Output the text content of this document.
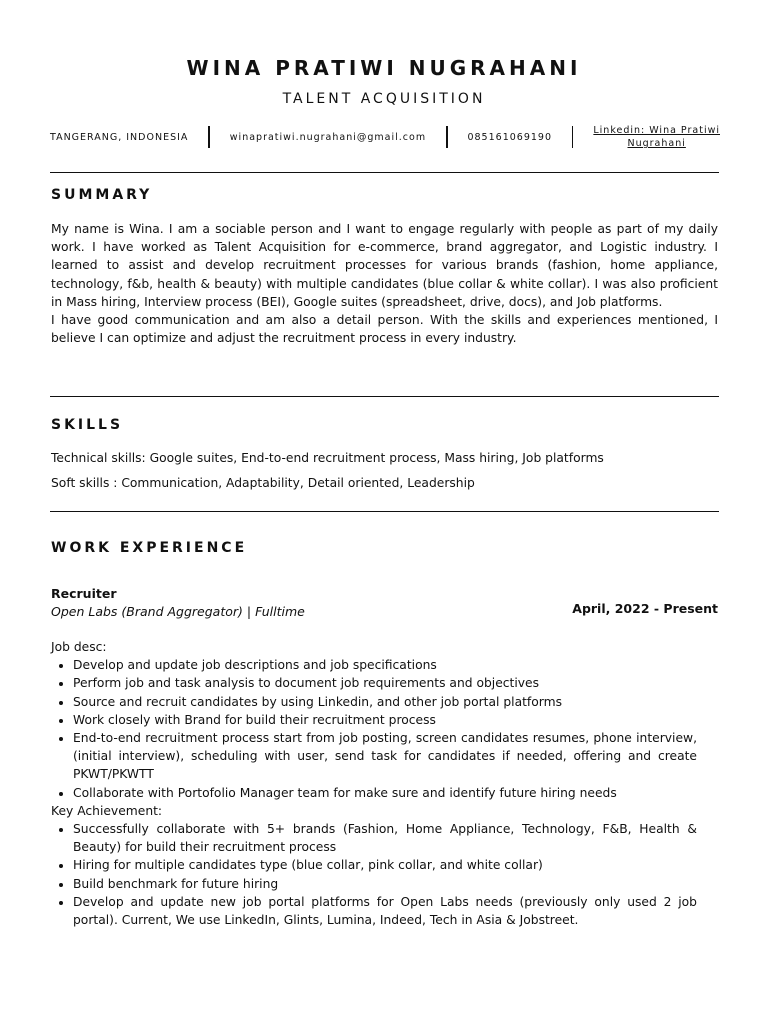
WINA PRATIWI NUGRAHANI
TALENT ACQUISITION
TANGERANG, INDONESIA	winapratiwi.nugrahani@gmail.com	085161069190
Linkedin: Wina Pratiwi
Nugrahani
SUMMARY

My name is Wina. I am a sociable person and I want to engage regularly with people as part of my daily work. I have worked as Talent Acquisition for e-commerce, brand aggregator, and Logistic industry. I learned to assist and develop recruitment processes for various brands (fashion, home appliance, technology, f&b, health & beauty) with multiple candidates (blue collar & white collar). I was also proficient in Mass hiring, Interview process (BEI), Google suites (spreadsheet, drive, docs), and Job platforms.

I have good communication and am also a detail person. With the skills and experiences mentioned, I believe I can optimize and adjust the recruitment process in every industry.

SKILLS
Technical skills: Google suites, End-to-end recruitment process, Mass hiring, Job platforms
Soft skills : Communication, Adaptability, Detail oriented, Leadership
WORK EXPERIENCE
Recruiter
Open Labs (Brand Aggregator) | Fulltime	April, 2022 - Present

Job desc:

• Develop and update job descriptions and job specifications
• Perform job and task analysis to document job requirements and objectives
• Source and recruit candidates by using Linkedin, and other job portal platforms
• Work closely with Brand for build their recruitment process
• End-to-end recruitment process start from job posting, screen candidates resumes, phone interview, (initial interview), scheduling with user, send task for candidates if needed, offering and create PKWT/PKWTT
• Collaborate with Portofolio Manager team for make sure and identify future hiring needs

Key Achievement:

• Successfully collaborate with 5+ brands (Fashion, Home Appliance, Technology, F&B, Health & Beauty) for build their recruitment process
• Hiring for multiple candidates type (blue collar, pink collar, and white collar)
• Build benchmark for future hiring
• Develop and update new job portal platforms for Open Labs needs (previously only used 2 job portal). Current, We use LinkedIn, Glints, Lumina, Indeed, Tech in Asia & Jobstreet.
